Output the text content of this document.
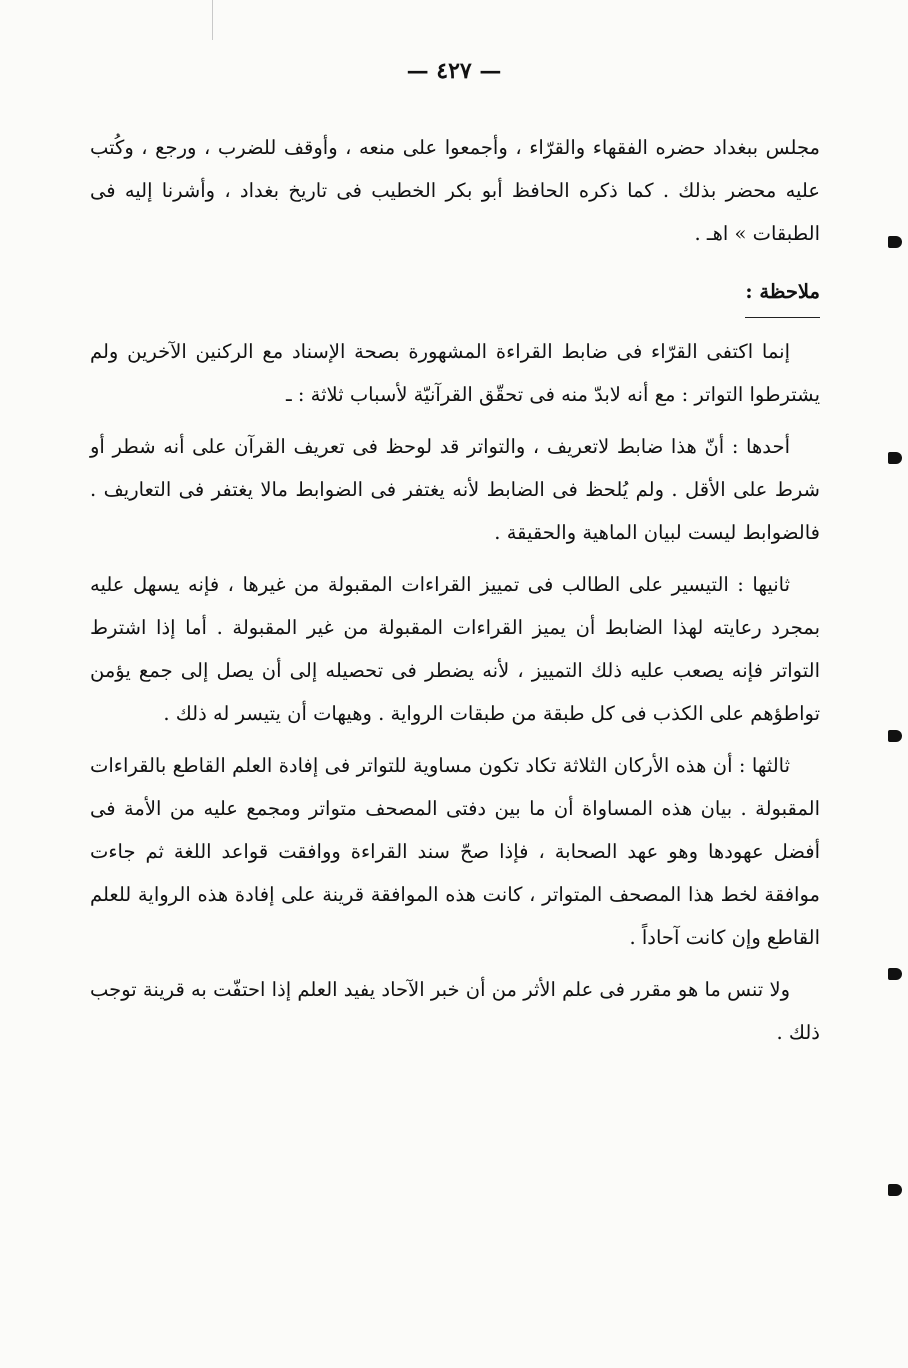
— ٤٢٧ —

مجلس ببغداد حضره الفقهاء والقرّاء ، وأجمعوا على منعه ، وأوقف للضرب ، ورجع ، وكُتب عليه محضر بذلك . كما ذكره الحافظ أبو بكر الخطيب فى تاريخ بغداد ، وأشرنا إليه فى الطبقات » اهـ .

ملاحظة :

إنما اكتفى القرّاء فى ضابط القراءة المشهورة بصحة الإسناد مع الركنين الآخرين ولم يشترطوا التواتر : مع أنه لابدّ منه فى تحقّق القرآنيّة لأسباب ثلاثة : ـ

أحدها : أنّ هذا ضابط لاتعريف ، والتواتر قد لوحظ فى تعريف القرآن على أنه شطر أو شرط على الأقل . ولم يُلحظ فى الضابط لأنه يغتفر فى الضوابط مالا يغتفر فى التعاريف . فالضوابط ليست لبيان الماهية والحقيقة .

ثانيها : التيسير على الطالب فى تمييز القراءات المقبولة من غيرها ، فإنه يسهل عليه بمجرد رعايته لهذا الضابط أن يميز القراءات المقبولة من غير المقبولة . أما إذا اشترط التواتر فإنه يصعب عليه ذلك التمييز ، لأنه يضطر فى تحصيله إلى أن يصل إلى جمع يؤمن تواطؤهم على الكذب فى كل طبقة من طبقات الرواية . وهيهات أن يتيسر له ذلك .

ثالثها : أن هذه الأركان الثلاثة تكاد تكون مساوية للتواتر فى إفادة العلم القاطع بالقراءات المقبولة . بيان هذه المساواة أن ما بين دفتى المصحف متواتر ومجمع عليه من الأمة فى أفضل عهودها وهو عهد الصحابة ، فإذا صحّ سند القراءة ووافقت قواعد اللغة ثم جاءت موافقة لخط هذا المصحف المتواتر ، كانت هذه الموافقة قرينة على إفادة هذه الرواية للعلم القاطع وإن كانت آحاداً .

ولا تنس ما هو مقرر فى علم الأثر من أن خبر الآحاد يفيد العلم إذا احتفّت به قرينة توجب ذلك .
